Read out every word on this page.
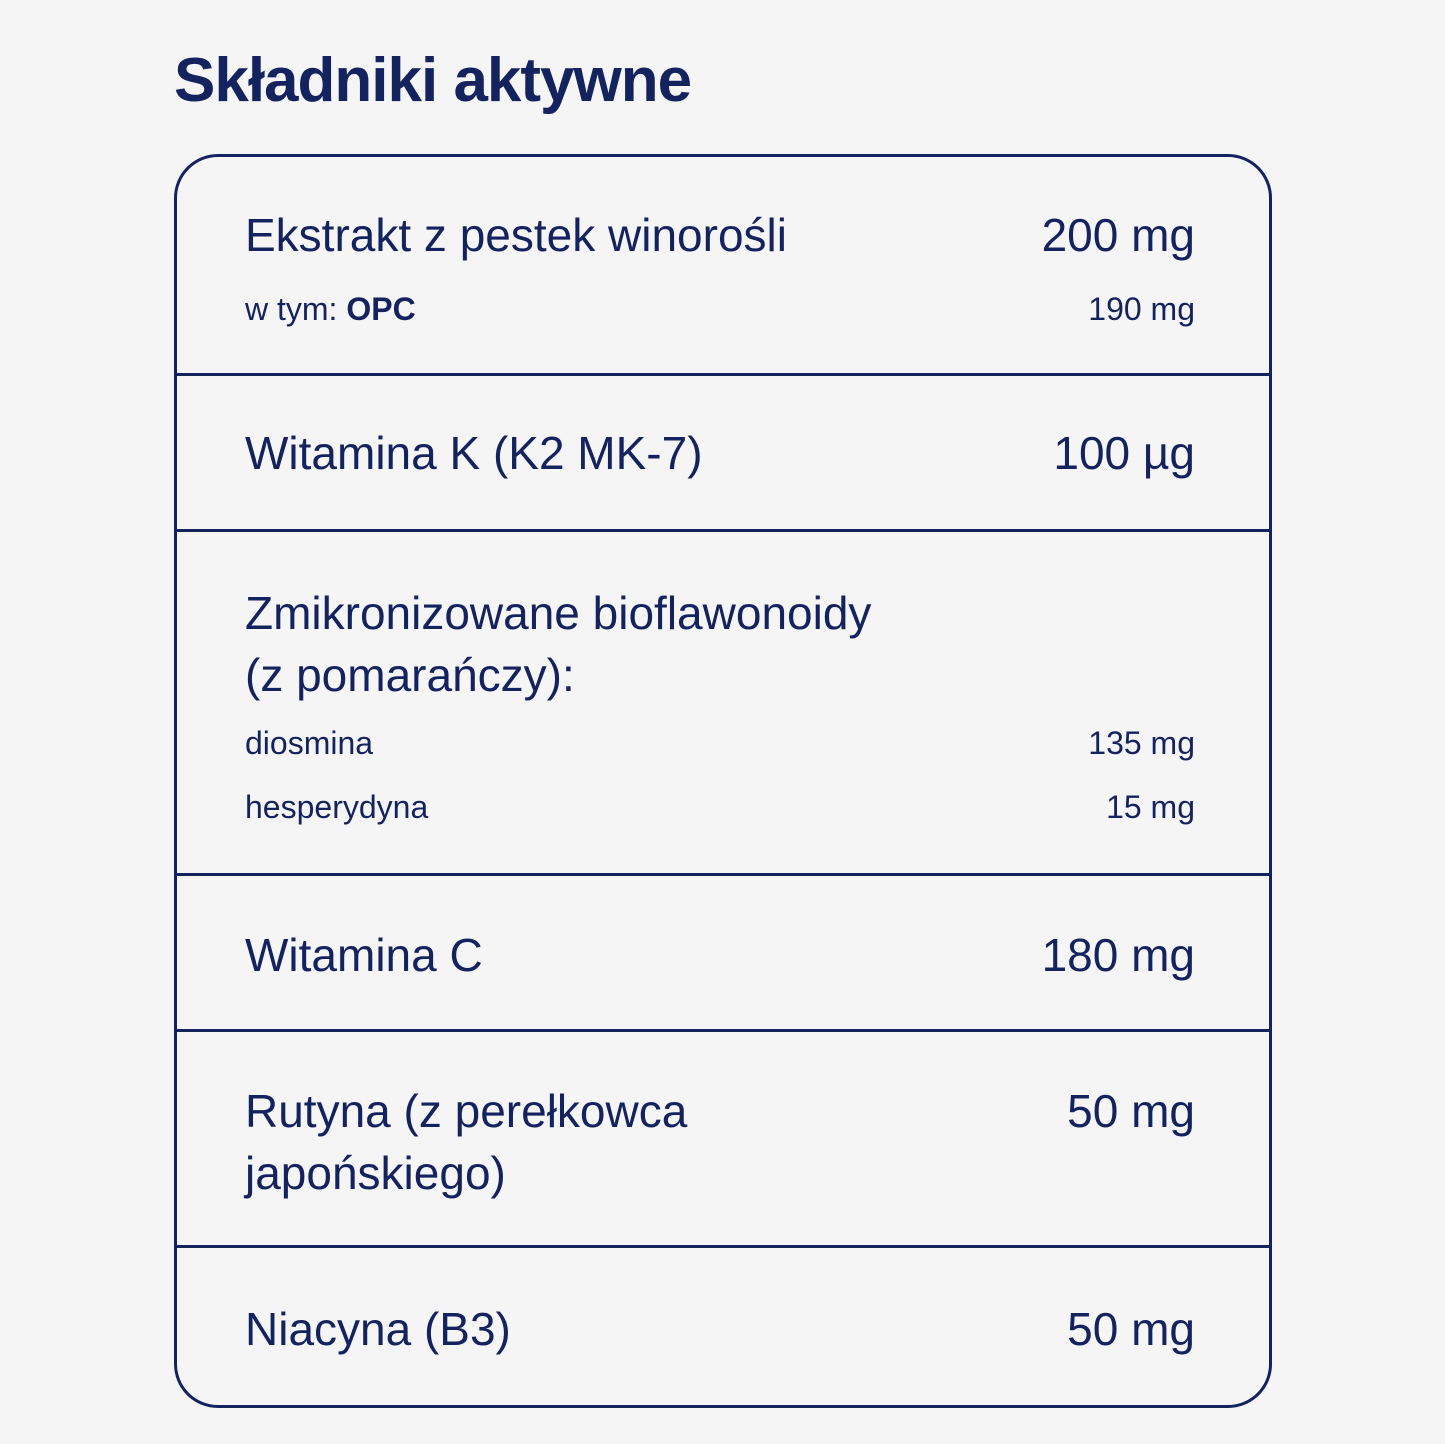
Składniki aktywne
Ekstrakt z pestek winorośli	200 mg
w tym: OPC	190 mg
Witamina K (K2 MK-7)	100 µg
Zmikronizowane bioflawonoidy
(z pomarańczy):
diosmina	135 mg
hesperydyna	15 mg
Witamina C	180 mg
Rutyna (z perełkowca
japońskiego)
50 mg
Niacyna (B3)	50 mg
